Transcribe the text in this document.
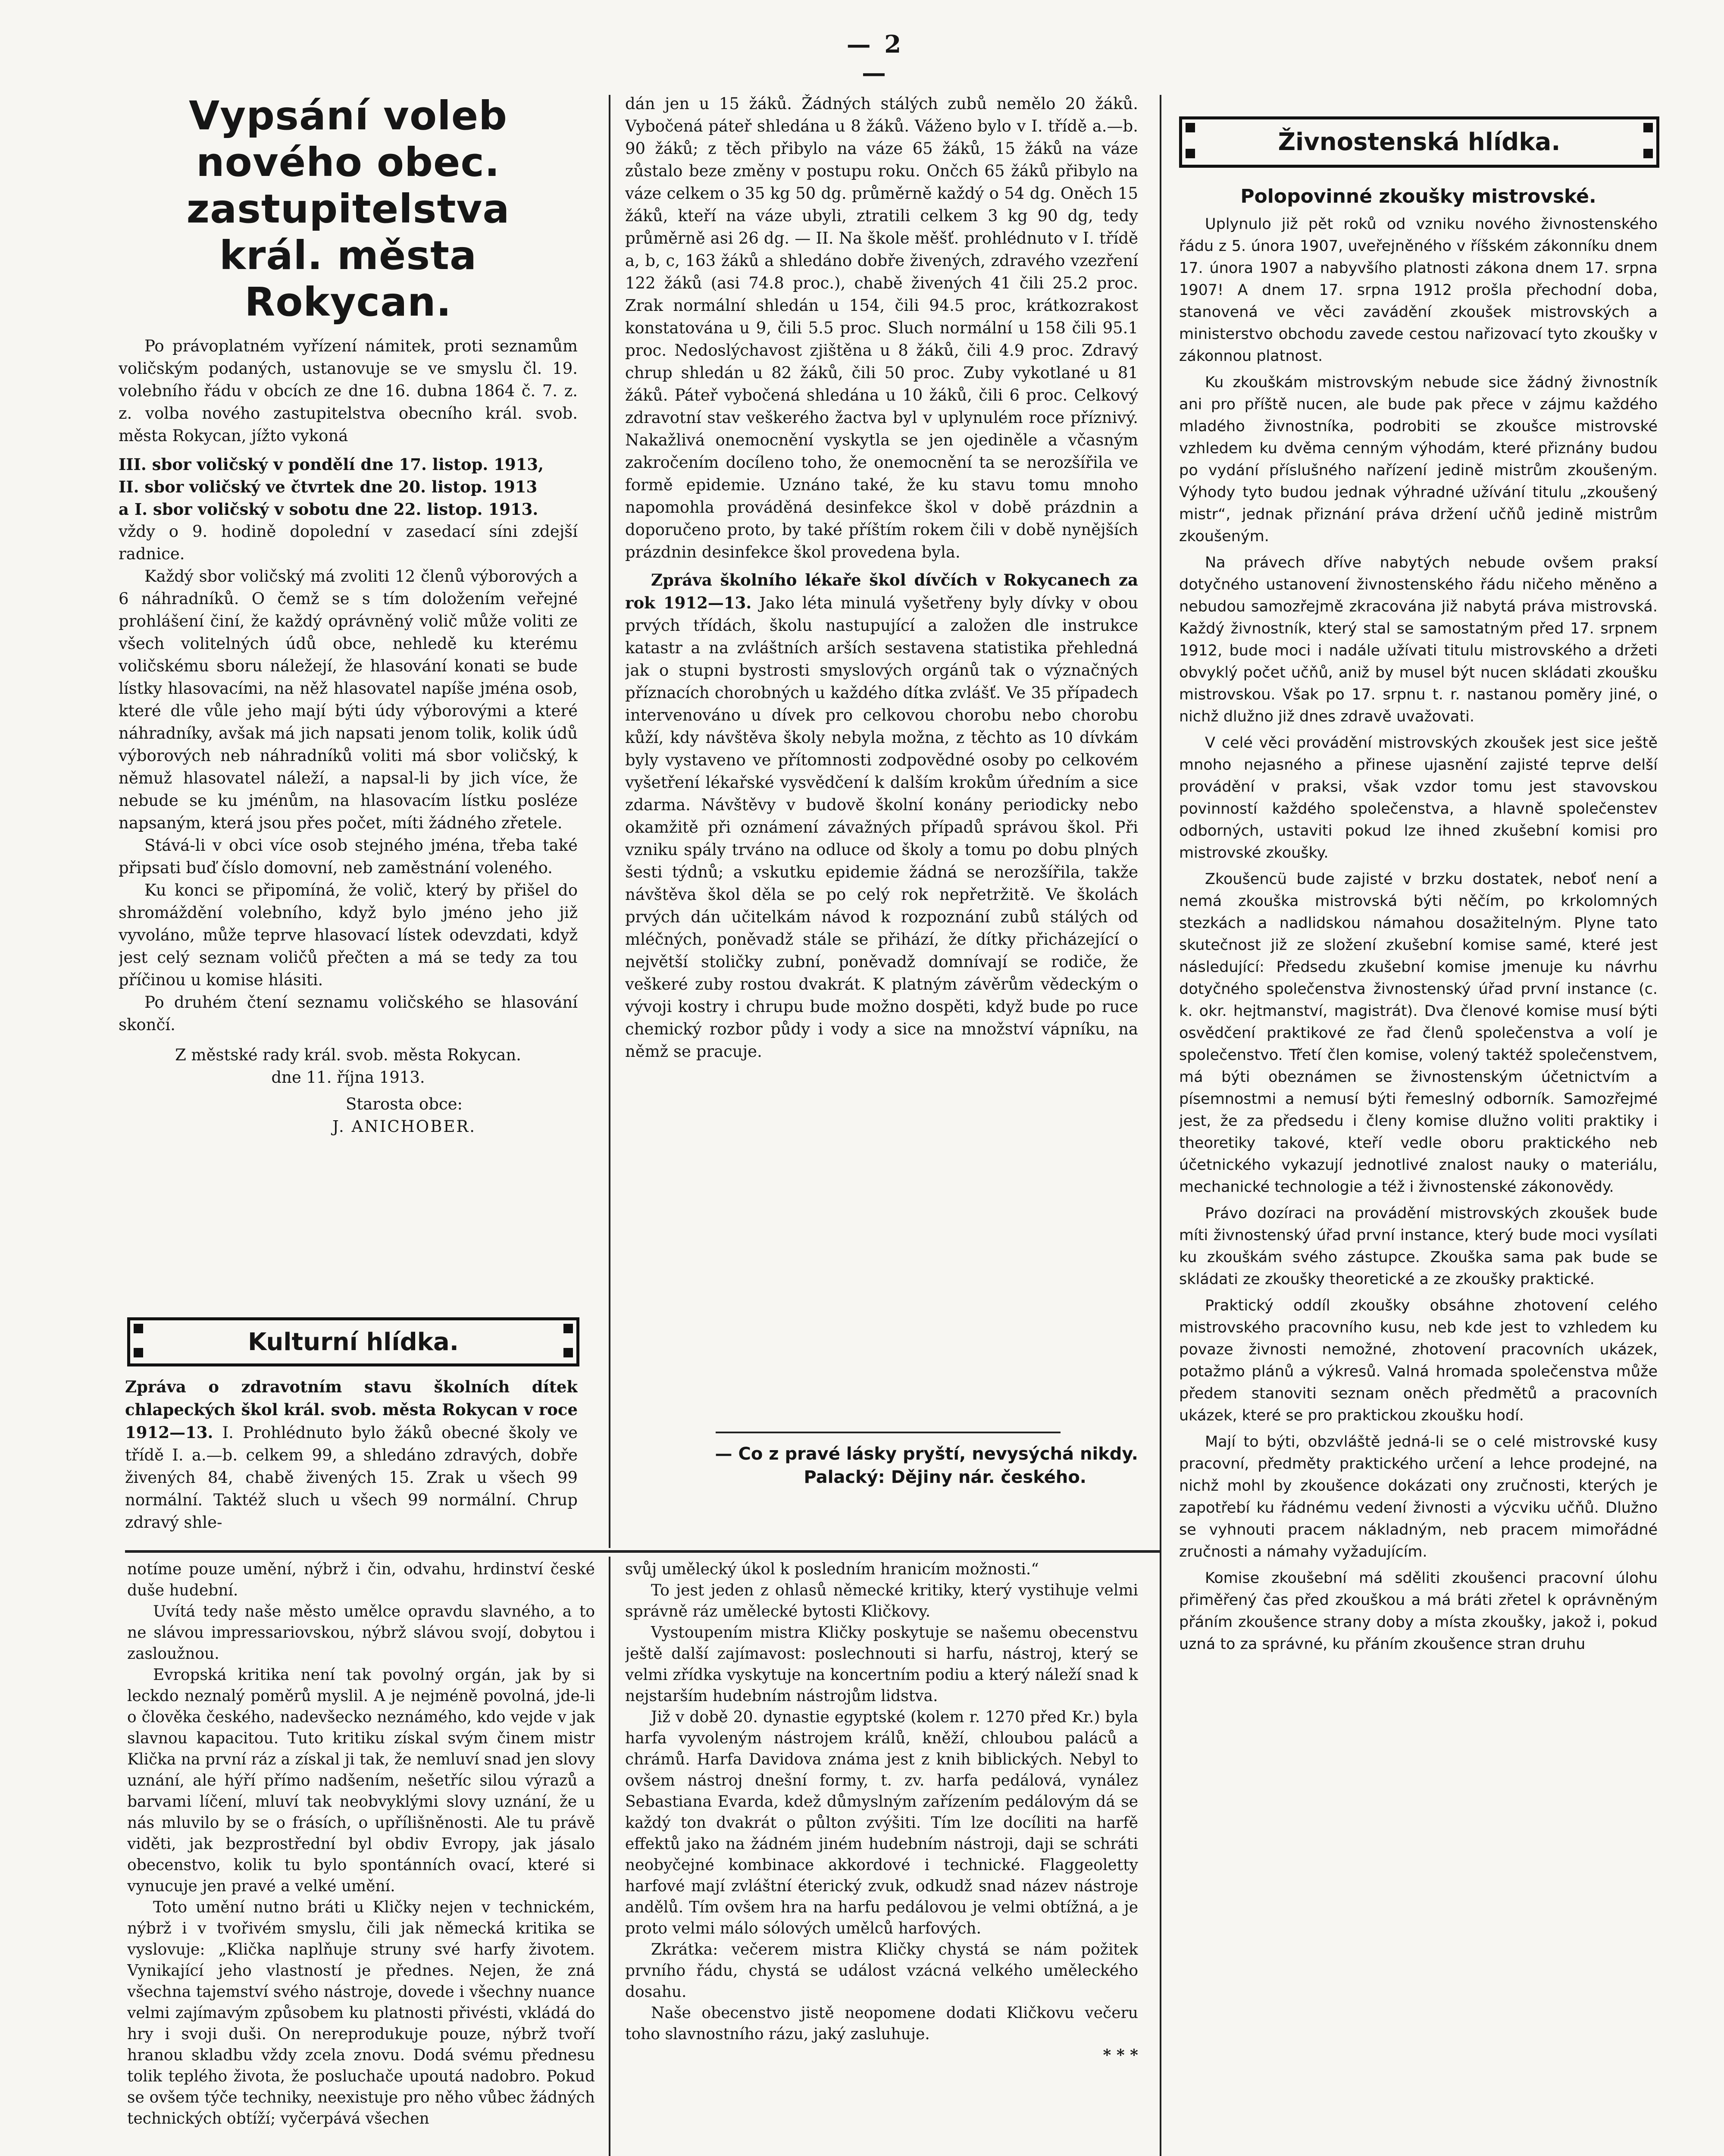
— 2 —
Vypsání voleb
nového obec. zastupitelstva
král. města Rokycan.

Po právoplatném vyřízení námitek, proti seznamům voličským podaných, ustanovuje se ve smyslu čl. 19. volebního řádu v obcích ze dne 16. dubna 1864 č. 7. z. z. volba nového zastupitelstva obecního král. svob. města Rokycan, jížto vykoná

III. sbor voličský v pondělí dne 17. listop. 1913,

II. sbor voličský ve čtvrtek dne 20. listop. 1913

a I. sbor voličský v sobotu dne 22. listop. 1913.

vždy o 9. hodině dopolední v zasedací síni zdejší radnice.

Každý sbor voličský má zvoliti 12 členů výborových a 6 náhradníků. O čemž se s tím doložením veřejné prohlášení činí, že každý oprávněný volič může voliti ze všech volitelných údů obce, nehledě ku kterému voličskému sboru náležejí, že hlasování konati se bude lístky hlasovacími, na něž hlasovatel napíše jména osob, které dle vůle jeho mají býti údy výborovými a které náhradníky, avšak má jich napsati jenom tolik, kolik údů výborových neb náhradníků voliti má sbor voličský, k němuž hlasovatel náleží, a napsal-li by jich více, že nebude se ku jménům, na hlasovacím lístku posléze napsaným, která jsou přes počet, míti žádného zřetele.

Stává-li v obci více osob stejného jména, třeba také připsati buď číslo domovní, neb zaměstnání voleného.

Ku konci se připomíná, že volič, který by přišel do shromáždění volebního, když bylo jméno jeho již vyvoláno, může teprve hlasovací lístek odevzdati, když jest celý seznam voličů přečten a má se tedy za tou příčinou u komise hlásiti.

Po druhém čtení seznamu voličského se hlasování skončí.

Z městské rady král. svob. města Rokycan.

dne 11. října 1913.

Starosta obce:

J. ANICHOBER.

Kulturní hlídka.

Zpráva o zdravotním stavu školních dítek chlapeckých škol král. svob. města Rokycan v roce 1912—13. I. Prohlédnuto bylo žáků obecné školy ve třídě I. a.—b. celkem 99, a shledáno zdravých, dobře živených 84, chabě živených 15. Zrak u všech 99 normální. Taktéž sluch u všech 99 normální. Chrup zdravý shle-

dán jen u 15 žáků. Žádných stálých zubů nemělo 20 žáků. Vybočená páteř shledána u 8 žáků. Váženo bylo v I. třídě a.—b. 90 žáků; z těch přibylo na váze 65 žáků, 15 žáků na váze zůstalo beze změny v postupu roku. Ončch 65 žáků přibylo na váze celkem o 35 kg 50 dg. průměrně každý o 54 dg. Oněch 15 žáků, kteří na váze ubyli, ztratili celkem 3 kg 90 dg, tedy průměrně asi 26 dg. — II. Na škole měšť. prohlédnuto v I. třídě a, b, c, 163 žáků a shledáno dobře živených, zdravého vzezření 122 žáků (asi 74.8 proc.), chabě živených 41 čili 25.2 proc. Zrak normální shledán u 154, čili 94.5 proc, krátkozrakost konstatována u 9, čili 5.5 proc. Sluch normální u 158 čili 95.1 proc. Nedoslýchavost zjištěna u 8 žáků, čili 4.9 proc. Zdravý chrup shledán u 82 žáků, čili 50 proc. Zuby vykotlané u 81 žáků. Páteř vybočená shledána u 10 žáků, čili 6 proc. Celkový zdravotní stav veškerého žactva byl v uplynulém roce příznivý. Nakažlivá onemocnění vyskytla se jen ojediněle a včasným zakročením docíleno toho, že onemocnění ta se nerozšířila ve formě epidemie. Uznáno také, že ku stavu tomu mnoho napomohla prováděná desinfekce škol v době prázdnin a doporučeno proto, by také příštím rokem čili v době nynějších prázdnin desinfekce škol provedena byla.

Zpráva školního lékaře škol dívčích v Rokycanech za rok 1912—13. Jako léta minulá vyšetřeny byly dívky v obou prvých třídách, školu nastupující a založen dle instrukce katastr a na zvláštních arších sestavena statistika přehledná jak o stupni bystrosti smyslových orgánů tak o význačných příznacích chorobných u každého dítka zvlášť. Ve 35 případech intervenováno u dívek pro celkovou chorobu nebo chorobu kůží, kdy návštěva školy nebyla možna, z těchto as 10 dívkám byly vystaveno ve přítomnosti zodpovědné osoby po celkovém vyšetření lékařské vysvědčení k dalším krokům úředním a sice zdarma. Návštěvy v budově školní konány periodicky nebo okamžitě při oznámení závažných případů správou škol. Při vzniku spály trváno na odluce od školy a tomu po dobu plných šesti týdnů; a vskutku epidemie žádná se nerozšířila, takže návštěva škol děla se po celý rok nepřetržitě. Ve školách prvých dán učitelkám návod k rozpoznání zubů stálých od mléčných, poněvadž stále se přihází, že dítky přicházející o největší stoličky zubní, poněvadž domnívají se rodiče, že veškeré zuby rostou dvakrát. K platným závěrům vědeckým o vývoji kostry i chrupu bude možno dospěti, když bude po ruce chemický rozbor půdy i vody a sice na množství vápníku, na němž se pracuje.

— Co z pravé lásky pryští, nevysýchá nikdy.

Palacký: Dějiny nár. českého.

notíme pouze umění, nýbrž i čin, odvahu, hrdinství české duše hudební.

Uvítá tedy naše město umělce opravdu slavného, a to ne slávou impressariovskou, nýbrž slávou svojí, dobytou i zasloužnou.

Evropská kritika není tak povolný orgán, jak by si leckdo neznalý poměrů myslil. A je nejméně povolná, jde-li o člověka českého, nadevšecko neznámého, kdo vejde v jak slavnou kapacitou. Tuto kritiku získal svým činem mistr Kličkа na první ráz a získal ji tak, že nemluví snad jen slovy uznání, ale hýří přímo nadšením, nešetříc silou výrazů a barvami líčení, mluví tak neobvyklými slovy uznání, že u nás mluvilo by se o frásích, o upřílišněnosti. Ale tu právě viděti, jak bezprostřední byl obdiv Evropy, jak jásalo obecenstvo, kolik tu bylo spontánních ovací, které si vynucuje jen pravé a velké umění.

Toto umění nutno bráti u Kličky nejen v technickém, nýbrž i v tvořivém smyslu, čili jak německá kritika se vyslovuje: „Klička naplňuje struny své harfy životem. Vynikající jeho vlastností je přednes. Nejen, že zná všechna tajemství svého nástroje, dovede i všechny nuance velmi zajímavým způsobem ku platnosti přivésti, vkládá do hry i svoji duši. On nereprodukuje pouze, nýbrž tvoří hranou skladbu vždy zcela znovu. Dodá svému přednesu tolik teplého života, že posluchače upoutá nadobro. Pokud se ovšem týče techniky, neexistuje pro něho vůbec žádných technických obtíží; vyčerpává všechen

svůj umělecký úkol k posledním hranicím možnosti.“

To jest jeden z ohlasů německé kritiky, který vystihuje velmi správně ráz umělecké bytosti Kličkovy.

Vystoupením mistra Kličky poskytuje se našemu obecenstvu ještě další zajímavost: poslechnouti si harfu, nástroj, který se velmi zřídka vyskytuje na koncertním podiu a který náleží snad k nejstarším hudebním nástrojům lidstva.

Již v době 20. dynastie egyptské (kolem r. 1270 před Kr.) byla harfa vyvoleným nástrojem králů, kněží, chloubou paláců a chrámů. Harfa Davidova známa jest z knih biblických. Nebyl to ovšem nástroj dnešní formy, t. zv. harfa pedálová, vynález Sebastiana Evarda, kdež důmyslným zařízením pedálovým dá se každý ton dvakrát o půlton zvýšiti. Tím lze docíliti na harfě effektů jako na žádném jiném hudebním nástroji, daji se schráti neobyčejné kombinace akkordové i technické. Flaggeoletty harfové mají zvláštní éterický zvuk, odkudž snad název nástroje andělů. Tím ovšem hra na harfu pedálovou je velmi obtížná, a je proto velmi málo sólových umělců harfových.

Zkrátka: večerem mistra Kličky chystá se nám požitek prvního řádu, chystá se událost vzácná velkého uměleckého dosahu.

Naše obecenstvo jistě neopomene dodati Kličkovu večeru toho slavnostního rázu, jaký zasluhuje.

* * *

Živnostenská hlídka.

Polopovinné zkoušky mistrovské.

Uplynulo již pět roků od vzniku nového živnostenského řádu z 5. února 1907, uveřejněného v říšském zákonníku dnem 17. února 1907 a nabyvšího platnosti zákona dnem 17. srpna 1907! A dnem 17. srpna 1912 prošla přechodní doba, stanovená ve věci zavádění zkoušek mistrovských a ministerstvo obchodu zavede cestou nařizovací tyto zkoušky v zákonnou platnost.

Ku zkouškám mistrovským nebude sice žádný živnostník ani pro příště nucen, ale bude pak přece v zájmu každého mladého živnostníka, podrobiti se zkoušce mistrovské vzhledem ku dvěma cenným výhodám, které přiznány budou po vydání příslušného nařízení jedině mistrům zkoušeným. Výhody tyto budou jednak výhradné užívání titulu „zkoušený mistr“, jednak přiznání práva držení učňů jedině mistrům zkoušeným.

Na právech dříve nabytých nebude ovšem praksí dotyčného ustanovení živnostenského řádu ničeho měněno a nebudou samozřejmě zkracována již nabytá práva mistrovská. Každý živnostník, který stal se samostatným před 17. srpnem 1912, bude moci i nadále užívati titulu mistrovského a držeti obvyklý počet učňů, aniž by musel být nucen skládati zkoušku mistrovskou. Však po 17. srpnu t. r. nastanou poměry jiné, o nichž dlužno již dnes zdravě uvažovati.

V celé věci provádění mistrovských zkoušek jest sice ještě mnoho nejasného a přinese ujasnění zajisté teprve delší provádění v praksi, však vzdor tomu jest stavovskou povinností každého společenstva, a hlavně společenstev odborných, ustaviti pokud lze ihned zkušební komisi pro mistrovské zkoušky.

Zkoušencü bude zajisté v brzku dostatek, neboť není a nemá zkouška mistrovská býti něčím, po krkolomných stezkách a nadlidskou námahou dosažitelným. Plyne tato skutečnost již ze složení zkušební komise samé, které jest následující: Předsedu zkušební komise jmenuje ku návrhu dotyčného společenstva živnostenský úřad první instance (c. k. okr. hejtmanství, magistrát). Dva členové komise musí býti osvědčení praktikové ze řad členů společenstva a volí je společenstvo. Třetí člen komise, volený taktéž společenstvem, má býti obeznámen se živnostenským účetnictvím a písemnostmi a nemusí býti řemeslný odborník. Samozřejmé jest, že za předsedu i členy komise dlužno voliti praktiky i theoretiky takové, kteří vedle oboru praktického neb účetnického vykazují jednotlivé znalost nauky o materiálu, mechanické technologie a též i živnostenské zákonovědy.

Právo dozíraci na provádění mistrovských zkoušek bude míti živnostenský úřad první instance, který bude moci vysílati ku zkouškám svého zástupce. Zkouška sama pak bude se skládati ze zkoušky theoretické a ze zkoušky praktické.

Praktický oddíl zkoušky obsáhne zhotovení celého mistrovského pracovního kusu, neb kde jest to vzhledem ku povaze živnosti nemožné, zhotovení pracovních ukázek, potažmo plánů a výkresů. Valná hromada společenstva může předem stanoviti seznam oněch předmětů a pracovních ukázek, které se pro praktickou zkoušku hodí.

Mají to býti, obzvláště jedná-li se o celé mistrovské kusy pracovní, předměty praktického určení a lehce prodejné, na nichž mohl by zkoušence dokázati ony zručnosti, kterých je zapotřebí ku řádnému vedení živnosti a výcviku učňů. Dlužno se vyhnouti pracem nákladným, neb pracem mimořádné zručnosti a námahy vyžadujícím.

Komise zkoušební má sděliti zkoušenci pracovní úlohu přiměřený čas před zkouškou a má bráti zřetel k oprávněným přáním zkoušence strany doby a místa zkoušky, jakož i, pokud uzná to za správné, ku přáním zkoušence stran druhu
